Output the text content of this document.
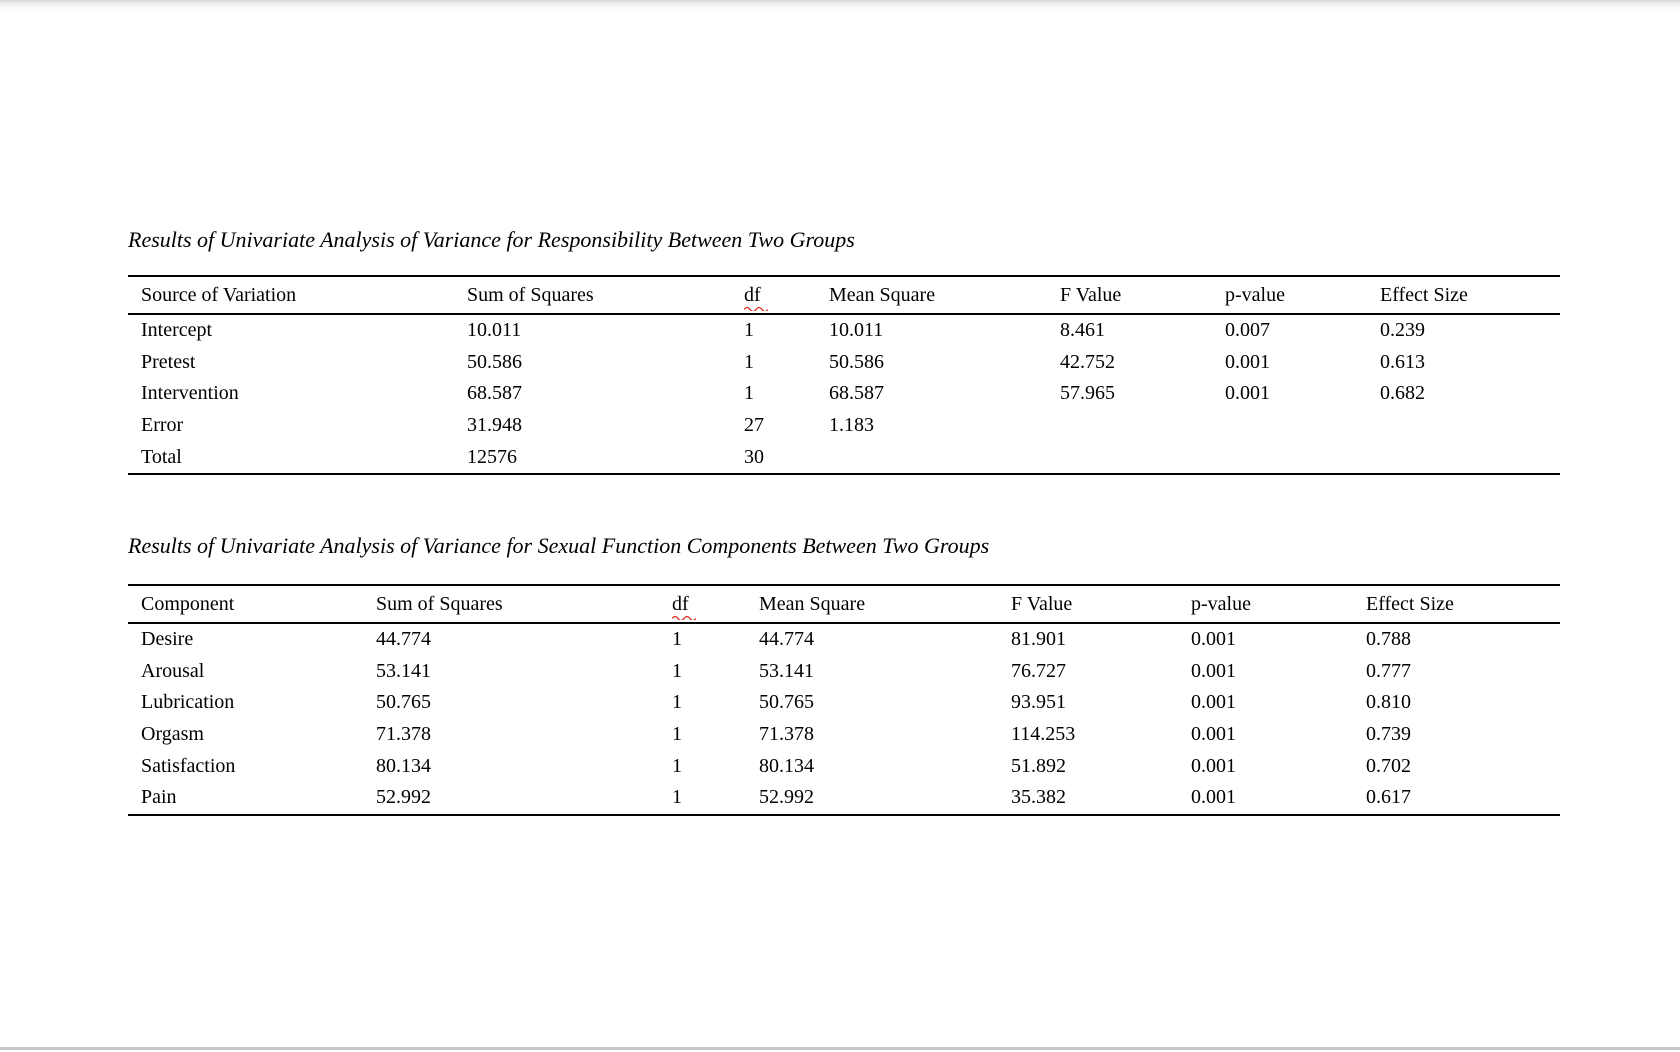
Results of Univariate Analysis of Variance for Responsibility Between Two Groups
Source of Variation	Sum of Squares	df	Mean Square	F Value	p-value	Effect Size
Intercept	10.011	1	10.011	8.461	0.007	0.239
Pretest	50.586	1	50.586	42.752	0.001	0.613
Intervention	68.587	1	68.587	57.965	0.001	0.682
Error	31.948	27	1.183			
Total	12576	30				
Results of Univariate Analysis of Variance for Sexual Function Components Between Two Groups
Component	Sum of Squares	df	Mean Square	F Value	p-value	Effect Size
Desire	44.774	1	44.774	81.901	0.001	0.788
Arousal	53.141	1	53.141	76.727	0.001	0.777
Lubrication	50.765	1	50.765	93.951	0.001	0.810
Orgasm	71.378	1	71.378	114.253	0.001	0.739
Satisfaction	80.134	1	80.134	51.892	0.001	0.702
Pain	52.992	1	52.992	35.382	0.001	0.617
